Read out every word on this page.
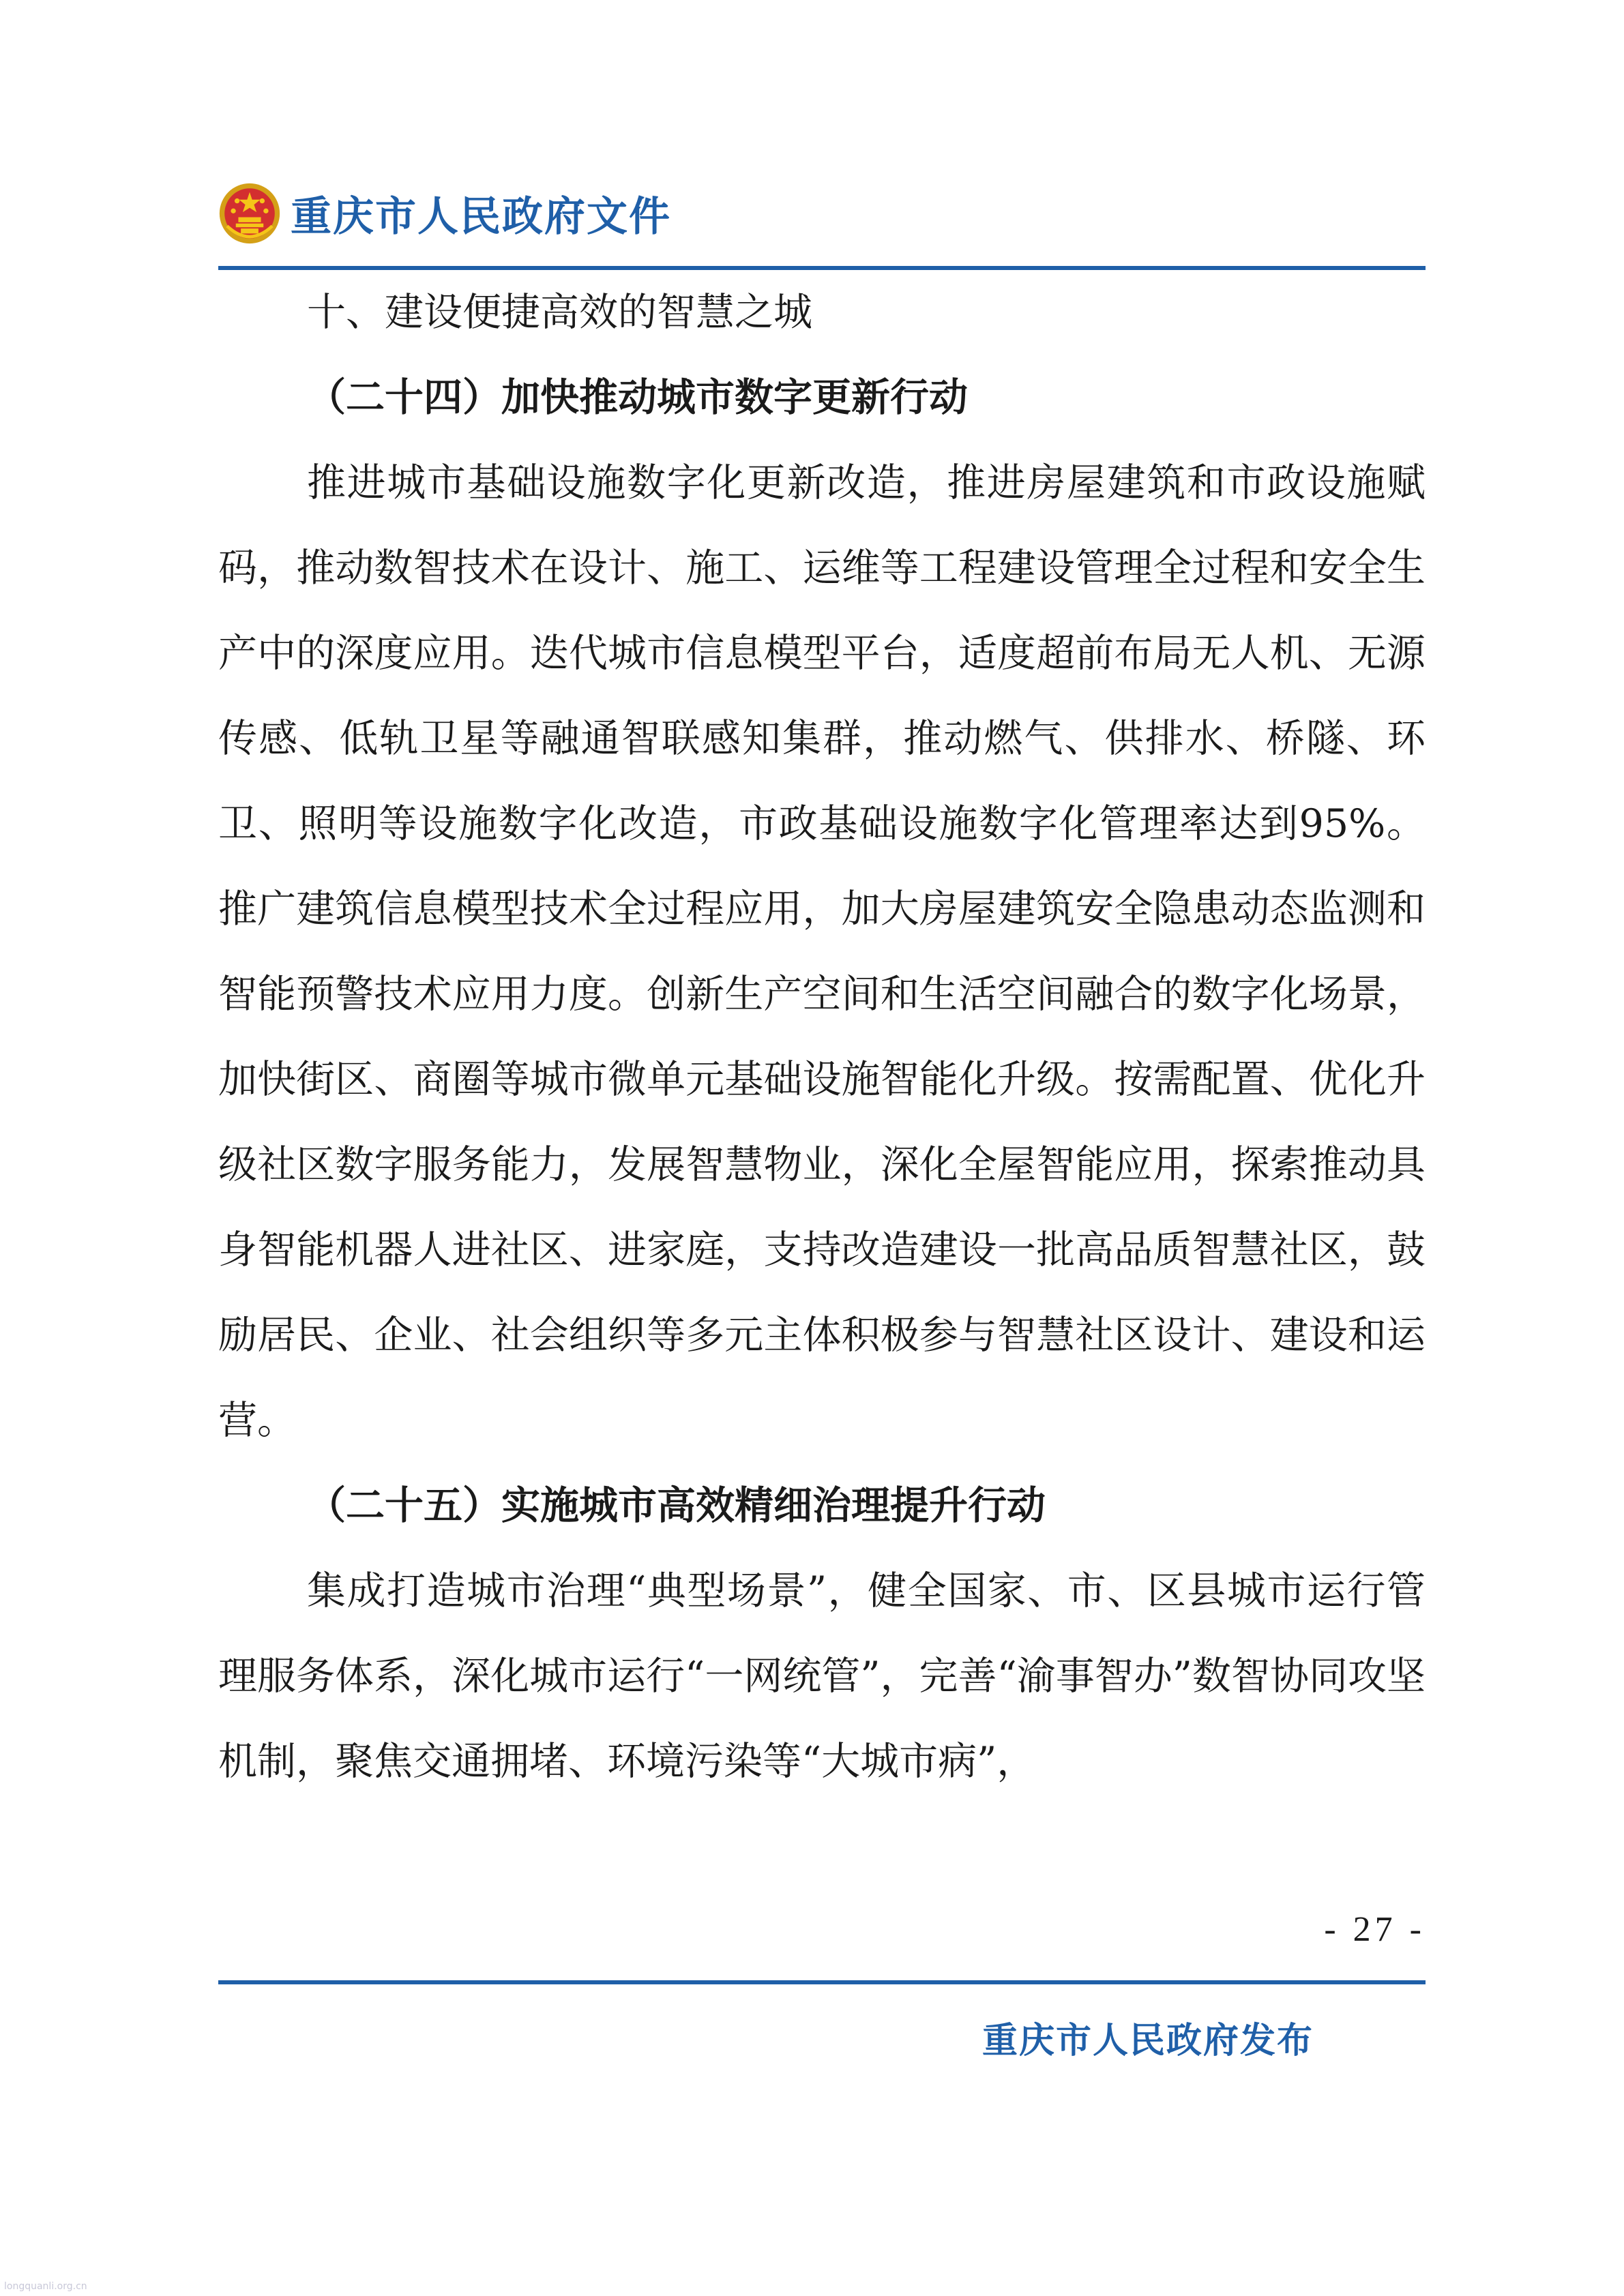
重庆市人民政府文件

十、建设便捷高效的智慧之城

（二十四）加快推动城市数字更新行动

推进城市基础设施数字化更新改造，推进房屋建筑和市政设施赋码，推动数智技术在设计、施工、运维等工程建设管理全过程和安全生产中的深度应用。迭代城市信息模型平台，适度超前布局无人机、无源传感、低轨卫星等融通智联感知集群，推动燃气、供排水、桥隧、环卫、照明等设施数字化改造，市政基础设施数字化管理率达到95%。推广建筑信息模型技术全过程应用，加大房屋建筑安全隐患动态监测和智能预警技术应用力度。创新生产空间和生活空间融合的数字化场景，加快街区、商圈等城市微单元基础设施智能化升级。按需配置、优化升级社区数字服务能力，发展智慧物业，深化全屋智能应用，探索推动具身智能机器人进社区、进家庭，支持改造建设一批高品质智慧社区，鼓励居民、企业、社会组织等多元主体积极参与智慧社区设计、建设和运营。

（二十五）实施城市高效精细治理提升行动

集成打造城市治理“典型场景”，健全国家、市、区县城市运行管理服务体系，深化城市运行“一网统管”，完善“渝事智办”数智协同攻坚机制，聚焦交通拥堵、环境污染等“大城市病”，

- 27 -
重庆市人民政府发布
longquanli.org.cn
